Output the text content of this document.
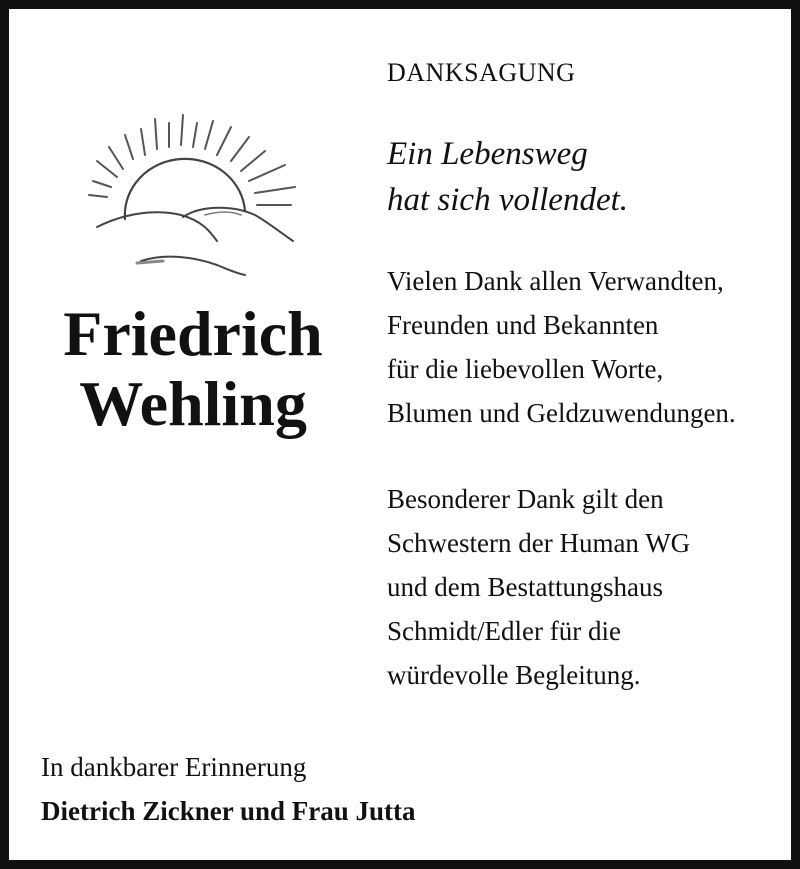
Friedrich
Wehling
DANKSAGUNG
Ein Lebensweg
hat sich vollendet.
Vielen Dank allen Verwandten,
Freunden und Bekannten
für die liebevollen Worte,
Blumen und Geldzuwendungen.
Besonderer Dank gilt den
Schwestern der Human WG
und dem Bestattungshaus
Schmidt/Edler für die
würdevolle Begleitung.
In dankbarer Erinnerung
Dietrich Zickner und Frau Jutta
